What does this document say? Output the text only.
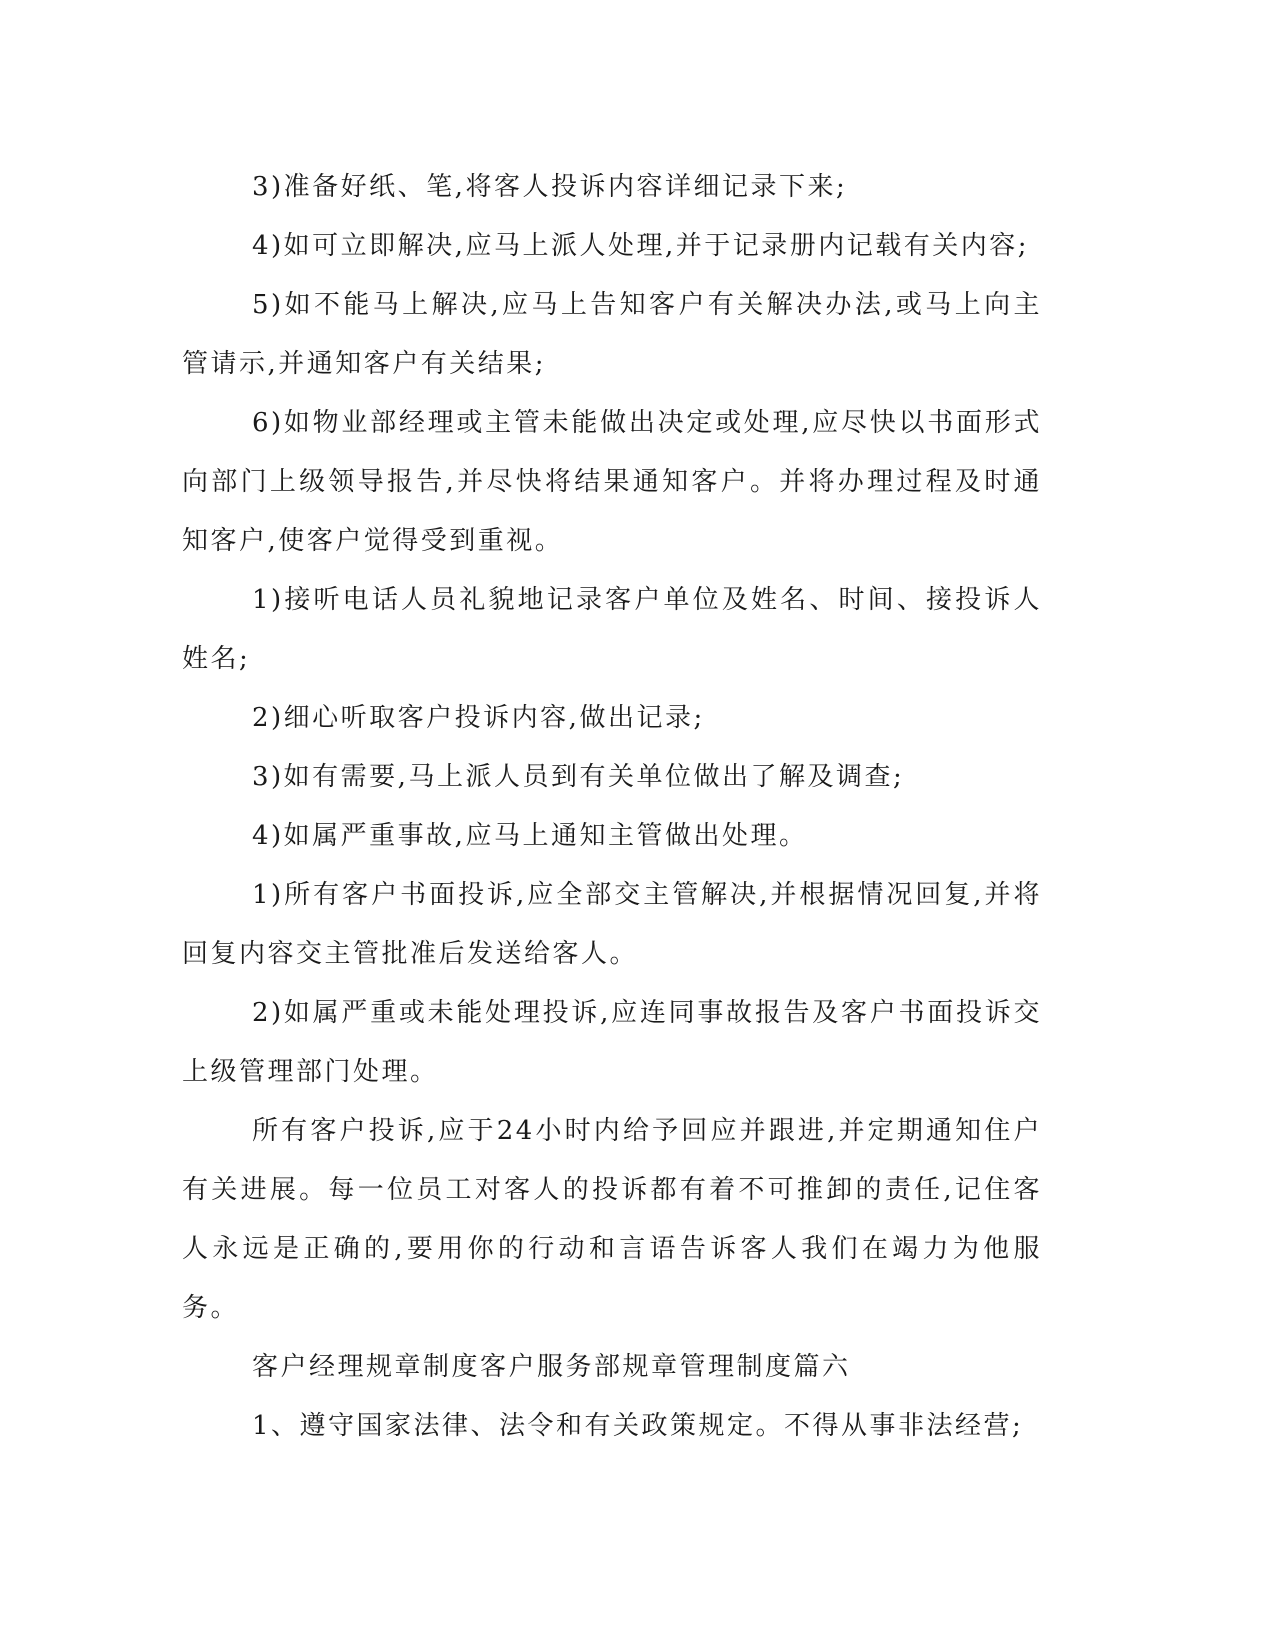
3)准备好纸、笔,将客人投诉内容详细记录下来;

4)如可立即解决,应马上派人处理,并于记录册内记载有关内容;

5)如不能马上解决,应马上告知客户有关解决办法,或马上向主管请示,并通知客户有关结果;

6)如物业部经理或主管未能做出决定或处理,应尽快以书面形式向部门上级领导报告,并尽快将结果通知客户。并将办理过程及时通知客户,使客户觉得受到重视。

1)接听电话人员礼貌地记录客户单位及姓名、时间、接投诉人姓名;

2)细心听取客户投诉内容,做出记录;

3)如有需要,马上派人员到有关单位做出了解及调查;

4)如属严重事故,应马上通知主管做出处理。

1)所有客户书面投诉,应全部交主管解决,并根据情况回复,并将回复内容交主管批准后发送给客人。

2)如属严重或未能处理投诉,应连同事故报告及客户书面投诉交上级管理部门处理。

所有客户投诉,应于24小时内给予回应并跟进,并定期通知住户有关进展。每一位员工对客人的投诉都有着不可推卸的责任,记住客人永远是正确的,要用你的行动和言语告诉客人我们在竭力为他服务。

客户经理规章制度客户服务部规章管理制度篇六

1、遵守国家法律、法令和有关政策规定。不得从事非法经营;
